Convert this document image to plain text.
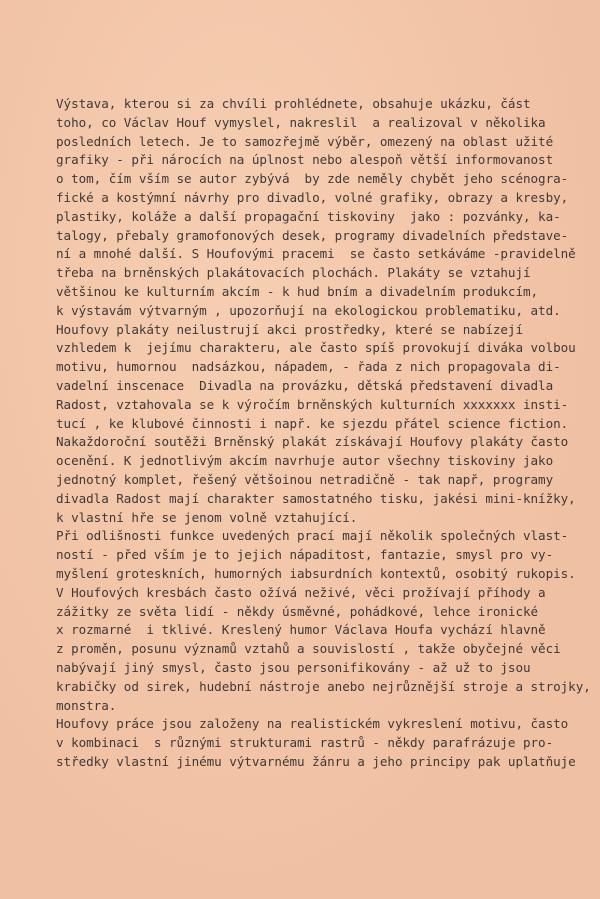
Výstava, kterou si za chvíli prohlédnete, obsahuje ukázku, část
toho, co Václav Houf vymyslel, nakreslil  a realizoval v několika
posledních letech. Je to samozřejmě výběr, omezený na oblast užité
grafiky - při nárocích na úplnost nebo alespoň větší informovanost
o tom, čím vším se autor zybývá  by zde neměly chybět jeho scénogra-
fické a kostýmní návrhy pro divadlo, volné grafiky, obrazy a kresby,
plastiky, koláže a další propagační tiskoviny  jako : pozvánky, ka-
talogy, přebaly gramofonových desek, programy divadelních představe-
ní a mnohé další. S Houfovými pracemi  se často setkáváme -pravidelně
třeba na brněnských plakátovacích plochách. Plakáty se vztahují
většinou ke kulturním akcím - k hud bním a divadelním produkcím,
k výstavám výtvarným , upozorňují na ekologickou problematiku, atd.
Houfovy plakáty neilustrují akci prostředky, které se nabízejí
vzhledem k  jejímu charakteru, ale často spíš provokují diváka volbou
motivu, humornou  nadsázkou, nápadem, - řada z nich propagovala di-
vadelní inscenace  Divadla na provázku, dětská představení divadla
Radost, vztahovala se k výročím brněnských kulturních xxxxxxx insti-
tucí , ke klubové činnosti i např. ke sjezdu přátel science fiction.
Nakaždoroční soutěži Brněnský plakát získávají Houfovy plakáty často
ocenění. K jednotlivým akcím navrhuje autor všechny tiskoviny jako
jednotný komplet, řešený většoinou netradičně - tak např, programy
divadla Radost mají charakter samostatného tisku, jakési mini-knížky,
k vlastní hře se jenom volně vztahující.
Při odlišnosti funkce uvedených prací mají několik společných vlast-
ností - před vším je to jejich nápaditost, fantazie, smysl pro vy-
myšlení groteskních, humorných iabsurdních kontextů, osobitý rukopis.
V Houfových kresbách často ožívá neživé, věci prožívají příhody a
zážitky ze světa lidí - někdy úsměvné, pohádkové, lehce ironické
x rozmarné  i tklivé. Kreslený humor Václava Houfa vychází hlavně
z proměn, posunu významů vztahů a souvislostí , takže obyčejné věci
nabývají jiný smysl, často jsou personifikovány - až už to jsou
krabičky od sirek, hudební nástroje anebo nejrůznější stroje a strojky,
monstra.
Houfovy práce jsou založeny na realistickém vykreslení motivu, často
v kombinaci  s různými strukturami rastrů - někdy parafrázuje pro-
středky vlastní jinému výtvarnému žánru a jeho principy pak uplatňuje
